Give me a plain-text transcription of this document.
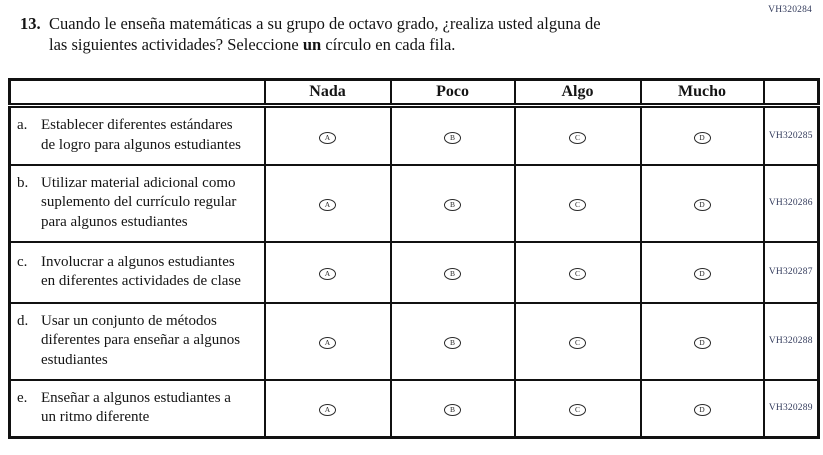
VH320284
13. Cuando le enseña matemáticas a su grupo de octavo grado, ¿realiza usted alguna de
las siguientes actividades? Seleccione un círculo en cada fila.
	Nada	Poco	Algo	Mucho	

a. Establecer diferentes estándares de logro para algunos estudiantes	A	B	C	D	VH320285

b. Utilizar material adicional como suplemento del currículo regular para algunos estudiantes	A	B	C	D	VH320286

c. Involucrar a algunos estudiantes en diferentes actividades de clase	A	B	C	D	VH320287

d. Usar un conjunto de métodos diferentes para enseñar a algunos estudiantes	A	B	C	D	VH320288

e. Enseñar a algunos estudiantes a un ritmo diferente	A	B	C	D	VH320289
